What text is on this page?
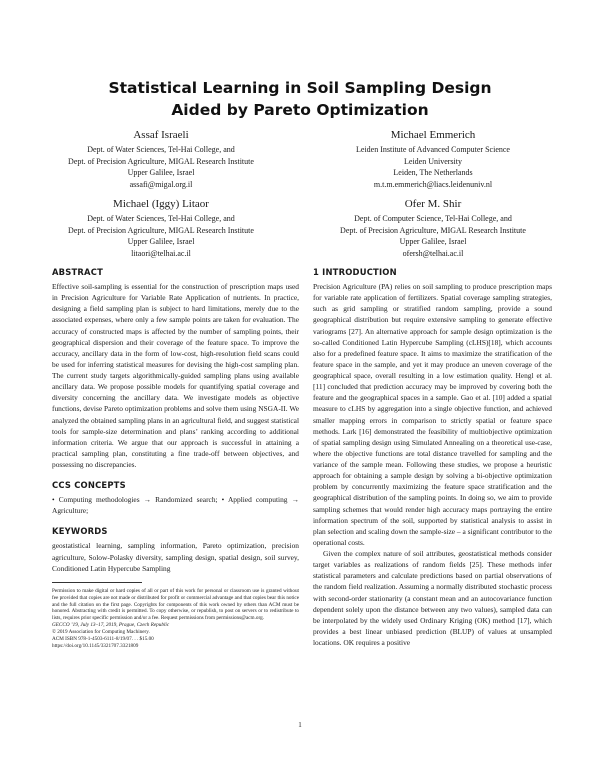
Statistical Learning in Soil Sampling Design
Aided by Pareto Optimization
Assaf Israeli
Dept. of Water Sciences, Tel-Hai College, and
Dept. of Precision Agriculture, MIGAL Research Institute
Upper Galilee, Israel
assafi@migal.org.il
Michael Emmerich
Leiden Institute of Advanced Computer Science
Leiden University
Leiden, The Netherlands
m.t.m.emmerich@liacs.leidenuniv.nl
Michael (Iggy) Litaor
Dept. of Water Sciences, Tel-Hai College, and
Dept. of Precision Agriculture, MIGAL Research Institute
Upper Galilee, Israel
litaori@telhai.ac.il
Ofer M. Shir
Dept. of Computer Science, Tel-Hai College, and
Dept. of Precision Agriculture, MIGAL Research Institute
Upper Galilee, Israel
ofersh@telhai.ac.il
ABSTRACT

Effective soil-sampling is essential for the construction of prescription maps used in Precision Agriculture for Variable Rate Application of nutrients. In practice, designing a field sampling plan is subject to hard limitations, merely due to the associated expenses, where only a few sample points are taken for evaluation. The accuracy of constructed maps is affected by the number of sampling points, their geographical dispersion and their coverage of the feature space. To improve the accuracy, ancillary data in the form of low-cost, high-resolution field scans could be used for inferring statistical measures for devising the high-cost sampling plan. The current study targets algorithmically-guided sampling plans using available ancillary data. We propose possible models for quantifying spatial coverage and diversity concerning the ancillary data. We investigate models as objective functions, devise Pareto optimization problems and solve them using NSGA-II. We analyzed the obtained sampling plans in an agricultural field, and suggest statistical tools for sample-size determination and plans’ ranking according to additional information criteria. We argue that our approach is successful in attaining a practical sampling plan, constituting a fine trade-off between objectives, and possessing no discrepancies.

CCS CONCEPTS

• Computing methodologies → Randomized search; • Applied computing → Agriculture;

KEYWORDS

geostatistical learning, sampling information, Pareto optimization, precision agriculture, Solow-Polasky diversity, sampling design, spatial design, soil survey, Conditioned Latin Hypercube Sampling

Permission to make digital or hard copies of all or part of this work for personal or classroom use is granted without fee provided that copies are not made or distributed for profit or commercial advantage and that copies bear this notice and the full citation on the first page. Copyrights for components of this work owned by others than ACM must be honored. Abstracting with credit is permitted. To copy otherwise, or republish, to post on servers or to redistribute to lists, requires prior specific permission and/or a fee. Request permissions from permissions@acm.org.

GECCO ’19, July 13–17, 2019, Prague, Czech Republic

© 2019 Association for Computing Machinery.

ACM ISBN 978-1-4503-6111-8/19/07. . . $15.00

https://doi.org/10.1145/3321707.3321809

1 INTRODUCTION

Precision Agriculture (PA) relies on soil sampling to produce prescription maps for variable rate application of fertilizers. Spatial coverage sampling strategies, such as grid sampling or stratified random sampling, provide a sound geographical distribution but require extensive sampling to generate effective variograms [27]. An alternative approach for sample design optimization is the so-called Conditioned Latin Hypercube Sampling (cLHS)[18], which accounts also for a predefined feature space. It aims to maximize the stratification of the feature space in the sample, and yet it may produce an uneven coverage of the geographical space, overall resulting in a low estimation quality. Hengl et al. [11] concluded that prediction accuracy may be improved by covering both the feature and the geographical spaces in a sample. Gao et al. [10] added a spatial measure to cLHS by aggregation into a single objective function, and achieved smaller mapping errors in comparison to strictly spatial or feature space methods. Lark [16] demonstrated the feasibility of multiobjective optimization of spatial sampling design using Simulated Annealing on a theoretical use-case, where the objective functions are total distance travelled for sampling and the variance of the sample mean. Following these studies, we propose a heuristic approach for obtaining a sample design by solving a bi-objective optimization problem by concurrently maximizing the feature space stratification and the geographical distribution of the sampling points. In doing so, we aim to provide sampling schemes that would render high accuracy maps portraying the entire information spectrum of the soil, supported by statistical analysis to assist in plan selection and scaling down the sample-size – a significant contributor to the operational costs.

Given the complex nature of soil attributes, geostatistical methods consider target variables as realizations of random fields [25]. These methods infer statistical parameters and calculate predictions based on partial observations of the random field realization. Assuming a normally distributed stochastic process with second-order stationarity (a constant mean and an autocovariance function dependent solely upon the distance between any two values), sampled data can be interpolated by the widely used Ordinary Kriging (OK) method [17], which provides a best linear unbiased prediction (BLUP) of values at unsampled locations. OK requires a positive

1
